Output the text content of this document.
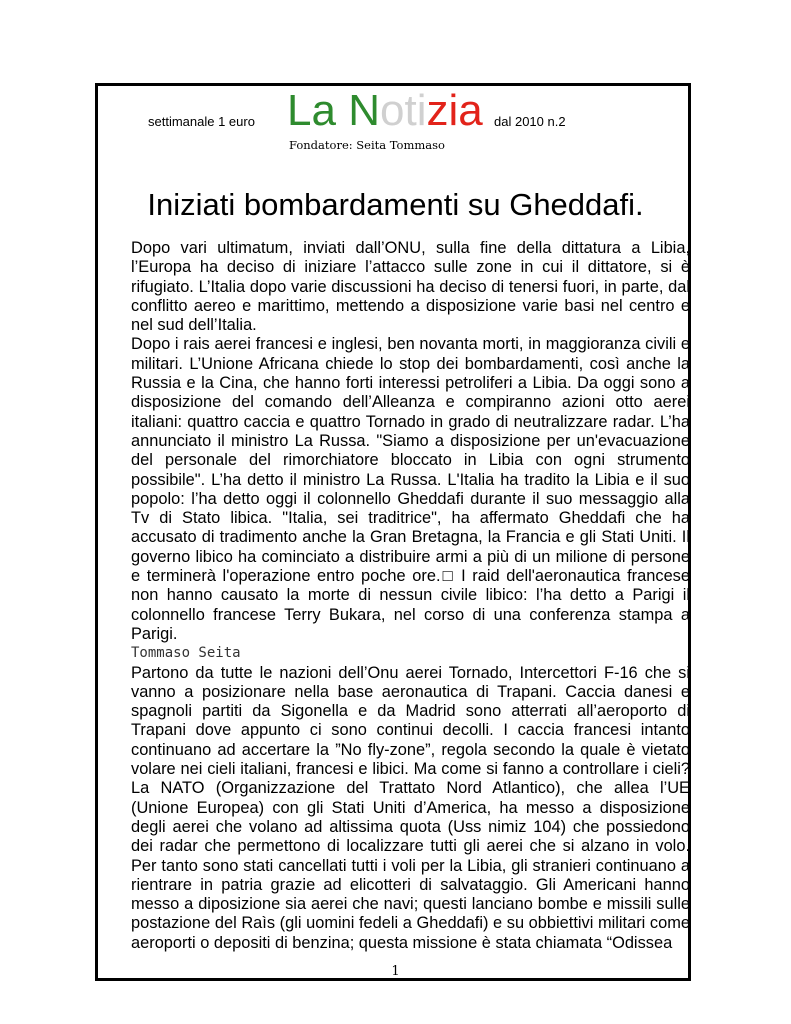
settimanale 1 euro La Notizia dal 2010 n.2
Fondatore: Seita Tommaso
Iniziati bombardamenti su Gheddafi.

Dopo vari ultimatum, inviati dall’ONU, sulla fine della dittatura a Libia, l’Europa ha deciso di iniziare l’attacco sulle zone in cui il dittatore, si è rifugiato. L’Italia dopo varie discussioni ha deciso di tenersi fuori, in parte, dal conflitto aereo e marittimo, mettendo a disposizione varie basi nel centro e nel sud dell’Italia.

Dopo i rais aerei francesi e inglesi, ben novanta morti, in maggioranza civili e militari. L’Unione Africana chiede lo stop dei bombardamenti, così anche la Russia e la Cina, che hanno forti interessi petroliferi a Libia. Da oggi sono a disposizione del comando dell’Alleanza e compiranno azioni otto aerei italiani: quattro caccia e quattro Tornado in grado di neutralizzare radar. L’ha annunciato il ministro La Russa. "Siamo a disposizione per un'evacuazione del personale del rimorchiatore bloccato in Libia con ogni strumento possibile". L’ha detto il ministro La Russa. L'Italia ha tradito la Libia e il suo popolo: l’ha detto oggi il colonnello Gheddafi durante il suo messaggio alla Tv di Stato libica. "Italia, sei traditrice", ha affermato Gheddafi che ha accusato di tradimento anche la Gran Bretagna, la Francia e gli Stati Uniti. Il governo libico ha cominciato a distribuire armi a più di un milione di persone e terminerà l'operazione entro poche ore.□ I raid dell'aeronautica francese non hanno causato la morte di nessun civile libico: l’ha detto a Parigi il colonnello francese Terry Bukara, nel corso di una conferenza stampa a Parigi.

Tommaso Seita

Partono da tutte le nazioni dell’Onu aerei Tornado, Intercettori F-16 che si vanno a posizionare nella base aeronautica di Trapani. Caccia danesi e spagnoli partiti da Sigonella e da Madrid sono atterrati all’aeroporto di Trapani dove appunto ci sono continui decolli. I caccia francesi intanto continuano ad accertare la ”No fly-zone”, regola secondo la quale è vietato volare nei cieli italiani, francesi e libici. Ma come si fanno a controllare i cieli? La NATO (Organizzazione del Trattato Nord Atlantico), che allea l’UE (Unione Europea) con gli Stati Uniti d’America, ha messo a disposizione degli aerei che volano ad altissima quota (Uss nimiz 104) che possiedono dei radar che permettono di localizzare tutti gli aerei che si alzano in volo. Per tanto sono stati cancellati tutti i voli per la Libia, gli stranieri continuano a rientrare in patria grazie ad elicotteri di salvataggio. Gli Americani hanno messo a diposizione sia aerei che navi; questi lanciano bombe e missili sulle postazione del Raìs (gli uomini fedeli a Gheddafi) e su obbiettivi militari come aeroporti o depositi di benzina; questa missione è stata chiamata “Odissea

1
